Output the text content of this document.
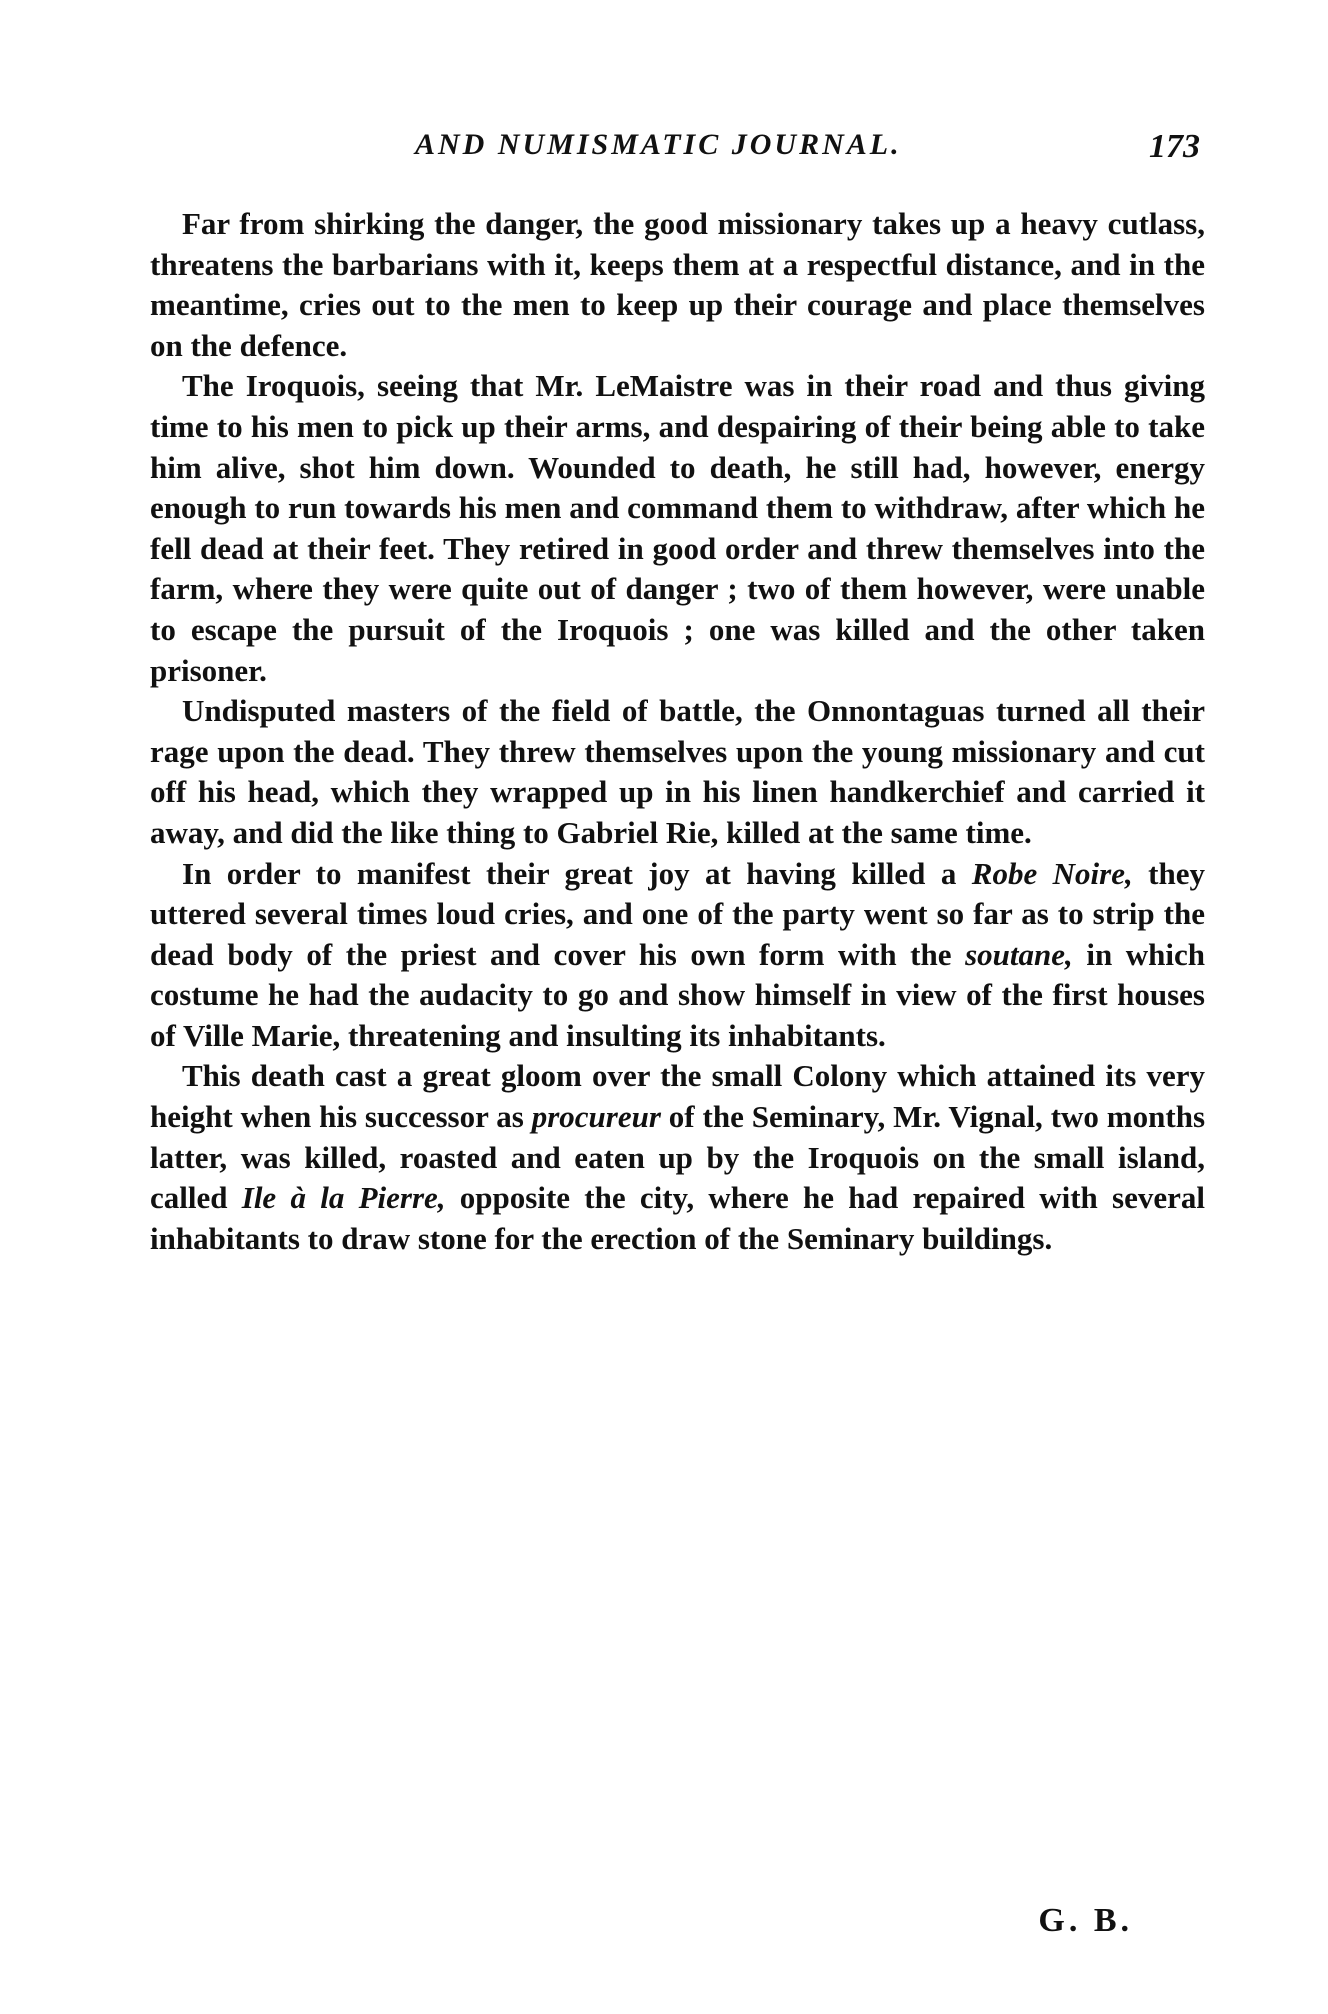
AND NUMISMATIC JOURNAL.	173

Far from shirking the danger, the good missionary takes up a heavy cutlass, threatens the barbarians with it, keeps them at a respectful distance, and in the meantime, cries out to the men to keep up their courage and place themselves on the defence.

The Iroquois, seeing that Mr. LeMaistre was in their road and thus giving time to his men to pick up their arms, and despairing of their being able to take him alive, shot him down. Wounded to death, he still had, however, energy enough to run towards his men and command them to withdraw, after which he fell dead at their feet. They retired in good order and threw themselves into the farm, where they were quite out of danger ; two of them however, were unable to escape the pursuit of the Iroquois ; one was killed and the other taken prisoner.

Undisputed masters of the field of battle, the Onnontaguas turned all their rage upon the dead. They threw themselves upon the young missionary and cut off his head, which they wrapped up in his linen handkerchief and carried it away, and did the like thing to Gabriel Rie, killed at the same time.

In order to manifest their great joy at having killed a Robe Noire, they uttered several times loud cries, and one of the party went so far as to strip the dead body of the priest and cover his own form with the soutane, in which costume he had the audacity to go and show himself in view of the first houses of Ville Marie, threatening and insulting its inhabitants.

This death cast a great gloom over the small Colony which attained its very height when his successor as procureur of the Seminary, Mr. Vignal, two months latter, was killed, roasted and eaten up by the Iroquois on the small island, called Ile à la Pierre, opposite the city, where he had repaired with several inhabitants to draw stone for the erection of the Seminary buildings.

G. B.
